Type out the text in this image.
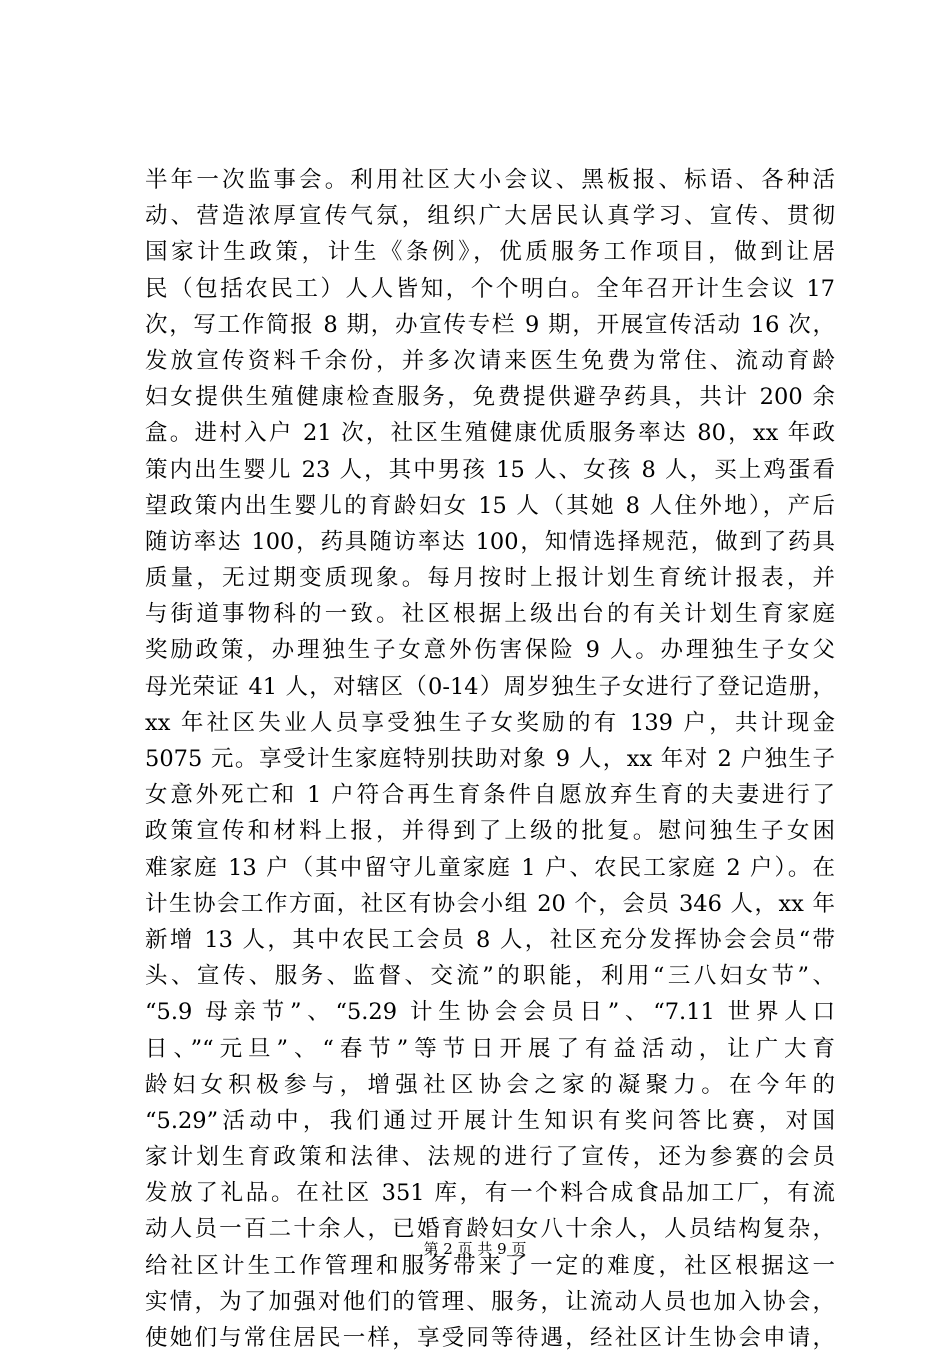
半年一次监事会。利用社区大小会议、黑板报、标语、各种活
动、营造浓厚宣传气氛，组织广大居民认真学习、宣传、贯彻
国家计生政策，计生《条例》，优质服务工作项目，做到让居
民（包括农民工）人人皆知，个个明白。全年召开计生会议 17
次，写工作简报 8 期，办宣传专栏 9 期，开展宣传活动 16 次，
发放宣传资料千余份，并多次请来医生免费为常住、流动育龄
妇女提供生殖健康检查服务，免费提供避孕药具，共计 200 余
盒。进村入户 21 次，社区生殖健康优质服务率达 80，xx 年政
策内出生婴儿 23 人，其中男孩 15 人、女孩 8 人，买上鸡蛋看
望政策内出生婴儿的育龄妇女 15 人（其她 8 人住外地），产后
随访率达 100，药具随访率达 100，知情选择规范，做到了药具
质量，无过期变质现象。每月按时上报计划生育统计报表，并
与街道事物科的一致。社区根据上级出台的有关计划生育家庭
奖励政策，办理独生子女意外伤害保险 9 人。办理独生子女父
母光荣证 41 人，对辖区（0-14）周岁独生子女进行了登记造册，
xx 年社区失业人员享受独生子女奖励的有 139 户，共计现金
5075 元。享受计生家庭特别扶助对象 9 人，xx 年对 2 户独生子
女意外死亡和 1 户符合再生育条件自愿放弃生育的夫妻进行了
政策宣传和材料上报，并得到了上级的批复。慰问独生子女困
难家庭 13 户（其中留守儿童家庭 1 户、农民工家庭 2 户）。在
计生协会工作方面，社区有协会小组 20 个，会员 346 人，xx 年
新增 13 人，其中农民工会员 8 人，社区充分发挥协会会员“带
头、宣传、服务、监督、交流”的职能，利用“三八妇女节”、
“5.9 母亲节”、“5.29 计生协会会员日”、“7.11 世界人口
日、”“元旦”、“春节”等节日开展了有益活动，让广大育
龄妇女积极参与，增强社区协会之家的凝聚力。在今年的
“5.29”活动中，我们通过开展计生知识有奖问答比赛，对国
家计划生育政策和法律、法规的进行了宣传，还为参赛的会员
发放了礼品。在社区 351 库，有一个料合成食品加工厂，有流
动人员一百二十余人，已婚育龄妇女八十余人，人员结构复杂，
给社区计生工作管理和服务带来了一定的难度，社区根据这一
实情，为了加强对他们的管理、服务，让流动人员也加入协会，
使她们与常住居民一样，享受同等待遇，经社区计生协会申请，
第 2 页 共 9 页
